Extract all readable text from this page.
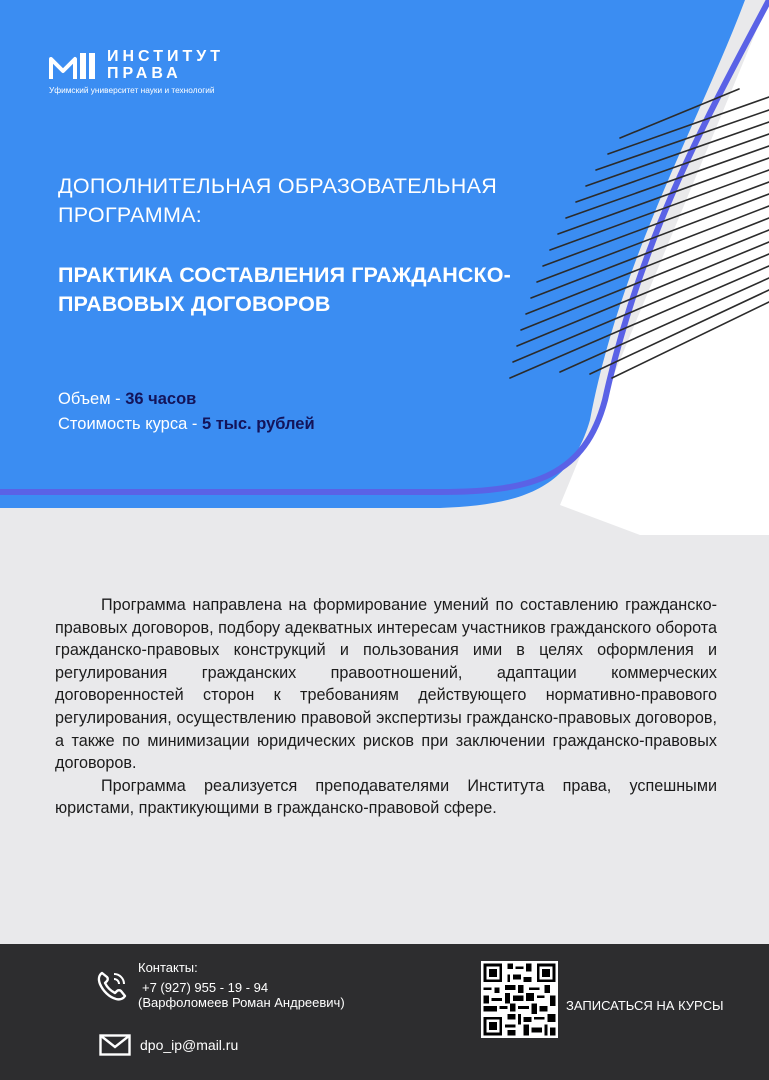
ИНСТИТУТ
ПРАВА
Уфимский университет науки и технологий
ДОПОЛНИТЕЛЬНАЯ ОБРАЗОВАТЕЛЬНАЯ ПРОГРАММА:
ПРАКТИКА СОСТАВЛЕНИЯ ГРАЖДАНСКО-ПРАВОВЫХ ДОГОВОРОВ
Объем - 36 часов
Стоимость курса - 5 тыс. рублей

Программа направлена на формирование умений по составлению гражданско-правовых договоров, подбору адекватных интересам участников гражданского оборота гражданско-правовых конструкций и пользования ими в целях оформления и регулирования гражданских правоотношений, адаптации коммерческих договоренностей сторон к требованиям действующего нормативно-правового регулирования, осуществлению правовой экспертизы гражданско-правовых договоров, а также по минимизации юридических рисков при заключении гражданско-правовых договоров.

Программа реализуется преподавателями Института права, успешными юристами, практикующими в гражданско-правовой сфере.

Контакты:
+7 (927) 955 - 19 - 94
(Варфоломеев Роман Андреевич)
dpo_ip@mail.ru
ЗАПИСАТЬСЯ НА КУРСЫ
